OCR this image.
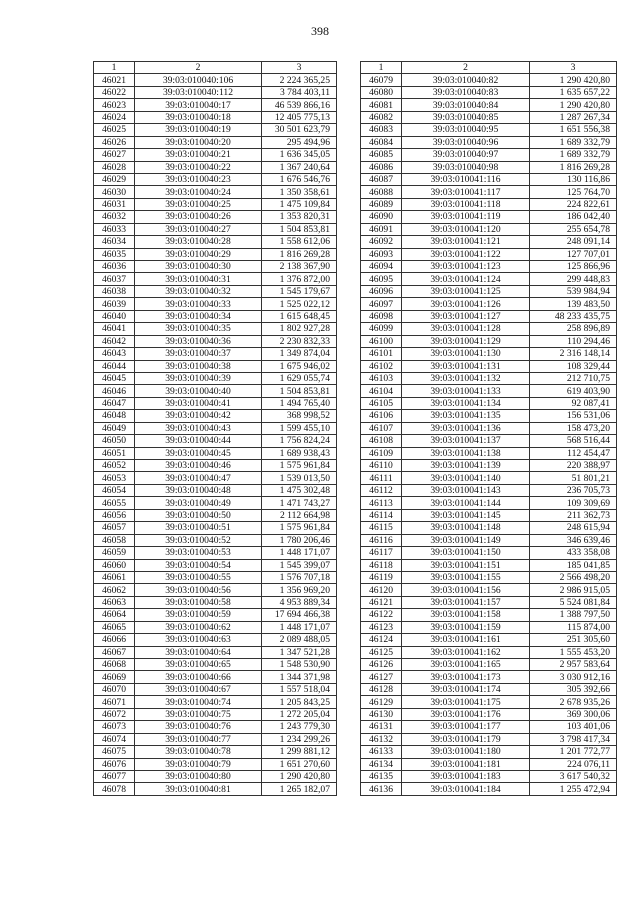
398
1	2	3
46021	39:03:010040:106	2 224 365,25
46022	39:03:010040:112	3 784 403,11
46023	39:03:010040:17	46 539 866,16
46024	39:03:010040:18	12 405 775,13
46025	39:03:010040:19	30 501 623,79
46026	39:03:010040:20	295 494,96
46027	39:03:010040:21	1 636 345,05
46028	39:03:010040:22	1 367 240,64
46029	39:03:010040:23	1 676 546,76
46030	39:03:010040:24	1 350 358,61
46031	39:03:010040:25	1 475 109,84
46032	39:03:010040:26	1 353 820,31
46033	39:03:010040:27	1 504 853,81
46034	39:03:010040:28	1 558 612,06
46035	39:03:010040:29	1 816 269,28
46036	39:03:010040:30	2 138 367,90
46037	39:03:010040:31	1 376 872,00
46038	39:03:010040:32	1 545 179,67
46039	39:03:010040:33	1 525 022,12
46040	39:03:010040:34	1 615 648,45
46041	39:03:010040:35	1 802 927,28
46042	39:03:010040:36	2 230 832,33
46043	39:03:010040:37	1 349 874,04
46044	39:03:010040:38	1 675 946,02
46045	39:03:010040:39	1 629 055,74
46046	39:03:010040:40	1 504 853,81
46047	39:03:010040:41	1 494 765,40
46048	39:03:010040:42	368 998,52
46049	39:03:010040:43	1 599 455,10
46050	39:03:010040:44	1 756 824,24
46051	39:03:010040:45	1 689 938,43
46052	39:03:010040:46	1 575 961,84
46053	39:03:010040:47	1 539 013,50
46054	39:03:010040:48	1 475 302,48
46055	39:03:010040:49	1 471 743,27
46056	39:03:010040:50	2 112 664,98
46057	39:03:010040:51	1 575 961,84
46058	39:03:010040:52	1 780 206,46
46059	39:03:010040:53	1 448 171,07
46060	39:03:010040:54	1 545 399,07
46061	39:03:010040:55	1 576 707,18
46062	39:03:010040:56	1 356 969,20
46063	39:03:010040:58	4 953 889,34
46064	39:03:010040:59	17 694 466,38
46065	39:03:010040:62	1 448 171,07
46066	39:03:010040:63	2 089 488,05
46067	39:03:010040:64	1 347 521,28
46068	39:03:010040:65	1 548 530,90
46069	39:03:010040:66	1 344 371,98
46070	39:03:010040:67	1 557 518,04
46071	39:03:010040:74	1 205 843,25
46072	39:03:010040:75	1 272 205,04
46073	39:03:010040:76	1 243 779,30
46074	39:03:010040:77	1 234 299,26
46075	39:03:010040:78	1 299 881,12
46076	39:03:010040:79	1 651 270,60
46077	39:03:010040:80	1 290 420,80
46078	39:03:010040:81	1 265 182,07
1	2	3
46079	39:03:010040:82	1 290 420,80
46080	39:03:010040:83	1 635 657,22
46081	39:03:010040:84	1 290 420,80
46082	39:03:010040:85	1 287 267,34
46083	39:03:010040:95	1 651 556,38
46084	39:03:010040:96	1 689 332,79
46085	39:03:010040:97	1 689 332,79
46086	39:03:010040:98	1 816 269,28
46087	39:03:010041:116	130 116,86
46088	39:03:010041:117	125 764,70
46089	39:03:010041:118	224 822,61
46090	39:03:010041:119	186 042,40
46091	39:03:010041:120	255 654,78
46092	39:03:010041:121	248 091,14
46093	39:03:010041:122	127 707,01
46094	39:03:010041:123	125 866,96
46095	39:03:010041:124	299 448,83
46096	39:03:010041:125	539 984,94
46097	39:03:010041:126	139 483,50
46098	39:03:010041:127	48 233 435,75
46099	39:03:010041:128	258 896,89
46100	39:03:010041:129	110 294,46
46101	39:03:010041:130	2 316 148,14
46102	39:03:010041:131	108 329,44
46103	39:03:010041:132	212 710,75
46104	39:03:010041:133	619 403,90
46105	39:03:010041:134	92 087,41
46106	39:03:010041:135	156 531,06
46107	39:03:010041:136	158 473,20
46108	39:03:010041:137	568 516,44
46109	39:03:010041:138	112 454,47
46110	39:03:010041:139	220 388,97
46111	39:03:010041:140	51 801,21
46112	39:03:010041:143	236 705,73
46113	39:03:010041:144	109 309,69
46114	39:03:010041:145	211 362,73
46115	39:03:010041:148	248 615,94
46116	39:03:010041:149	346 639,46
46117	39:03:010041:150	433 358,08
46118	39:03:010041:151	185 041,85
46119	39:03:010041:155	2 566 498,20
46120	39:03:010041:156	2 986 915,05
46121	39:03:010041:157	5 524 081,84
46122	39:03:010041:158	1 388 797,50
46123	39:03:010041:159	115 874,00
46124	39:03:010041:161	251 305,60
46125	39:03:010041:162	1 555 453,20
46126	39:03:010041:165	2 957 583,64
46127	39:03:010041:173	3 030 912,16
46128	39:03:010041:174	305 392,66
46129	39:03:010041:175	2 678 935,26
46130	39:03:010041:176	369 300,06
46131	39:03:010041:177	103 401,06
46132	39:03:010041:179	3 798 417,34
46133	39:03:010041:180	1 201 772,77
46134	39:03:010041:181	224 076,11
46135	39:03:010041:183	3 617 540,32
46136	39:03:010041:184	1 255 472,94
